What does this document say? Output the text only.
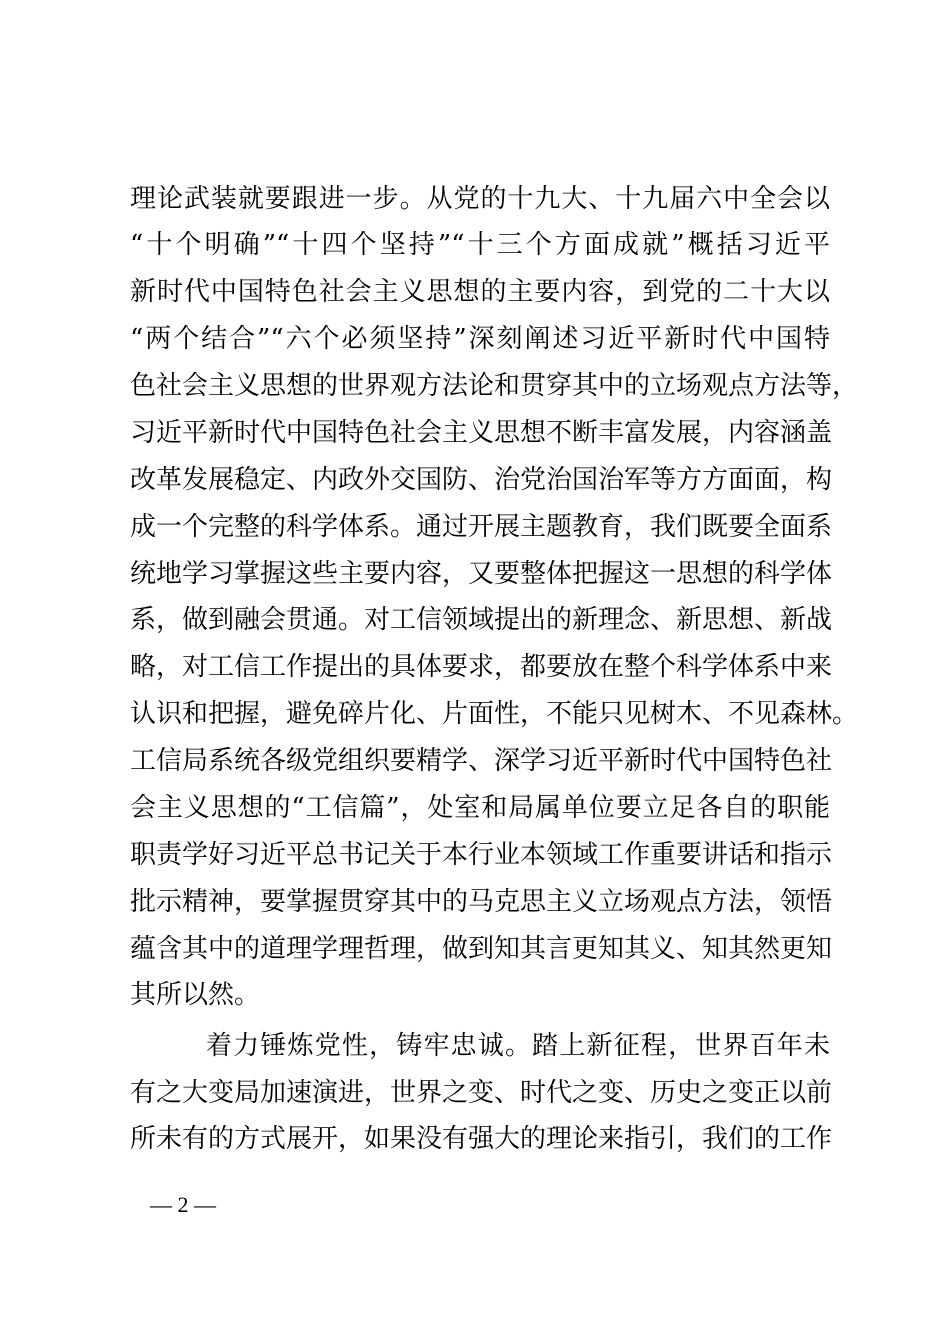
理论武装就要跟进一步。从党的十九大、十九届六中全会以
“十个明确”“十四个坚持”“十三个方面成就”概括习近平
新时代中国特色社会主义思想的主要内容，到党的二十大以
“两个结合”“六个必须坚持”深刻阐述习近平新时代中国特
色社会主义思想的世界观方法论和贯穿其中的立场观点方法等，
习近平新时代中国特色社会主义思想不断丰富发展，内容涵盖
改革发展稳定、内政外交国防、治党治国治军等方方面面，构
成一个完整的科学体系。通过开展主题教育，我们既要全面系
统地学习掌握这些主要内容，又要整体把握这一思想的科学体
系，做到融会贯通。对工信领域提出的新理念、新思想、新战
略，对工信工作提出的具体要求，都要放在整个科学体系中来
认识和把握，避免碎片化、片面性，不能只见树木、不见森林。
工信局系统各级党组织要精学、深学习近平新时代中国特色社
会主义思想的“工信篇”，处室和局属单位要立足各自的职能
职责学好习近平总书记关于本行业本领域工作重要讲话和指示
批示精神，要掌握贯穿其中的马克思主义立场观点方法，领悟
蕴含其中的道理学理哲理，做到知其言更知其义、知其然更知
其所以然。
着力锤炼党性，铸牢忠诚。踏上新征程，世界百年未
有之大变局加速演进，世界之变、时代之变、历史之变正以前
所未有的方式展开，如果没有强大的理论来指引，我们的工作
— 2 —
